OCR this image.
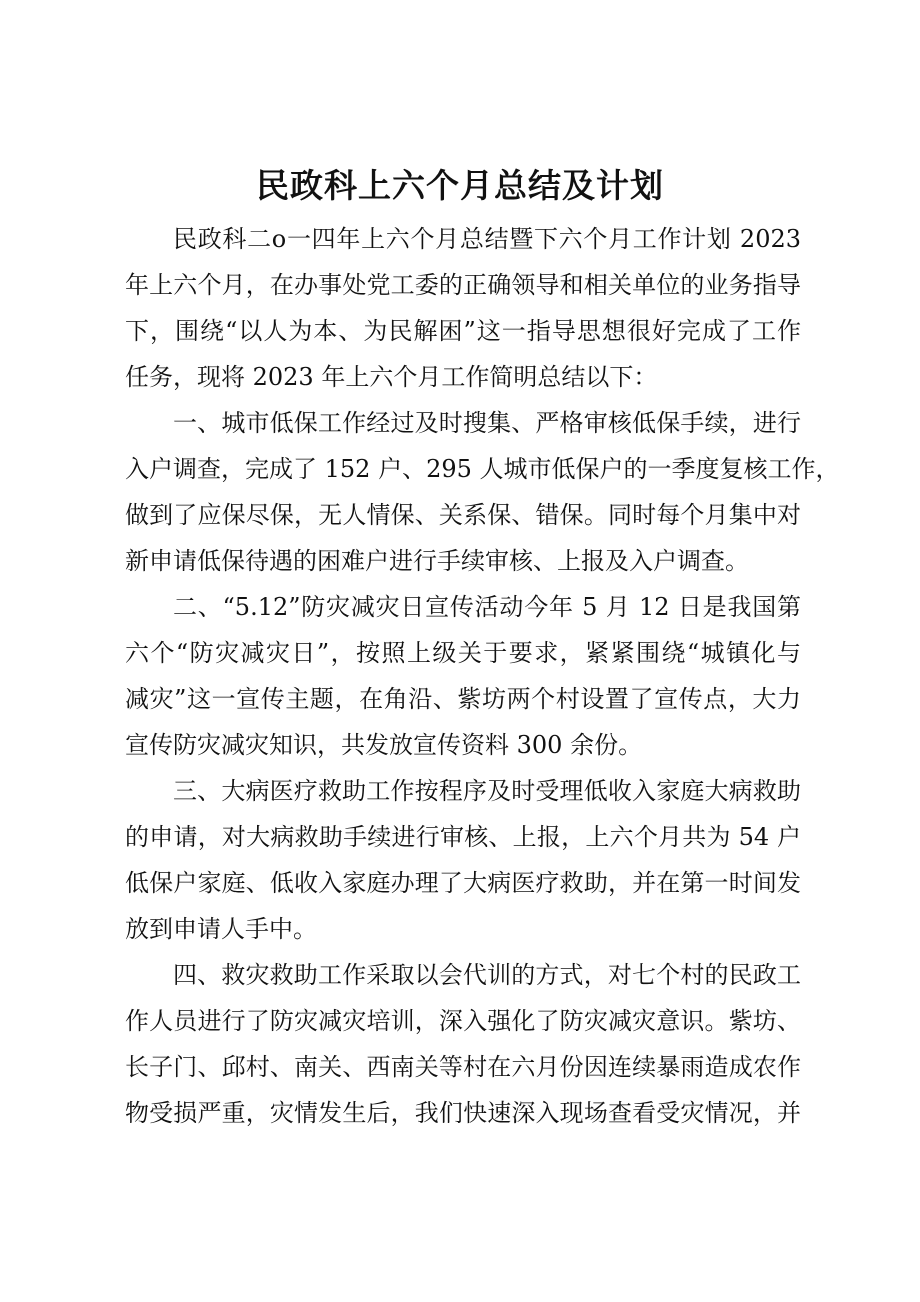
民政科上六个月总结及计划
民政科二o一四年上六个月总结暨下六个月工作计划 2023
年上六个月，在办事处党工委的正确领导和相关单位的业务指导
下，围绕“以人为本、为民解困”这一指导思想很好完成了工作
任务，现将 2023 年上六个月工作简明总结以下：
一、城市低保工作经过及时搜集、严格审核低保手续，进行
入户调查，完成了 152 户、295 人城市低保户的一季度复核工作，
做到了应保尽保，无人情保、关系保、错保。同时每个月集中对
新申请低保待遇的困难户进行手续审核、上报及入户调查。
二、“5.12”防灾减灾日宣传活动今年 5 月 12 日是我国第
六个“防灾减灾日”，按照上级关于要求，紧紧围绕“城镇化与
减灾”这一宣传主题，在角沿、紫坊两个村设置了宣传点，大力
宣传防灾减灾知识，共发放宣传资料 300 余份。
三、大病医疗救助工作按程序及时受理低收入家庭大病救助
的申请，对大病救助手续进行审核、上报，上六个月共为 54 户
低保户家庭、低收入家庭办理了大病医疗救助，并在第一时间发
放到申请人手中。
四、救灾救助工作采取以会代训的方式，对七个村的民政工
作人员进行了防灾减灾培训，深入强化了防灾减灾意识。紫坊、
长子门、邱村、南关、西南关等村在六月份因连续暴雨造成农作
物受损严重，灾情发生后，我们快速深入现场查看受灾情况，并
